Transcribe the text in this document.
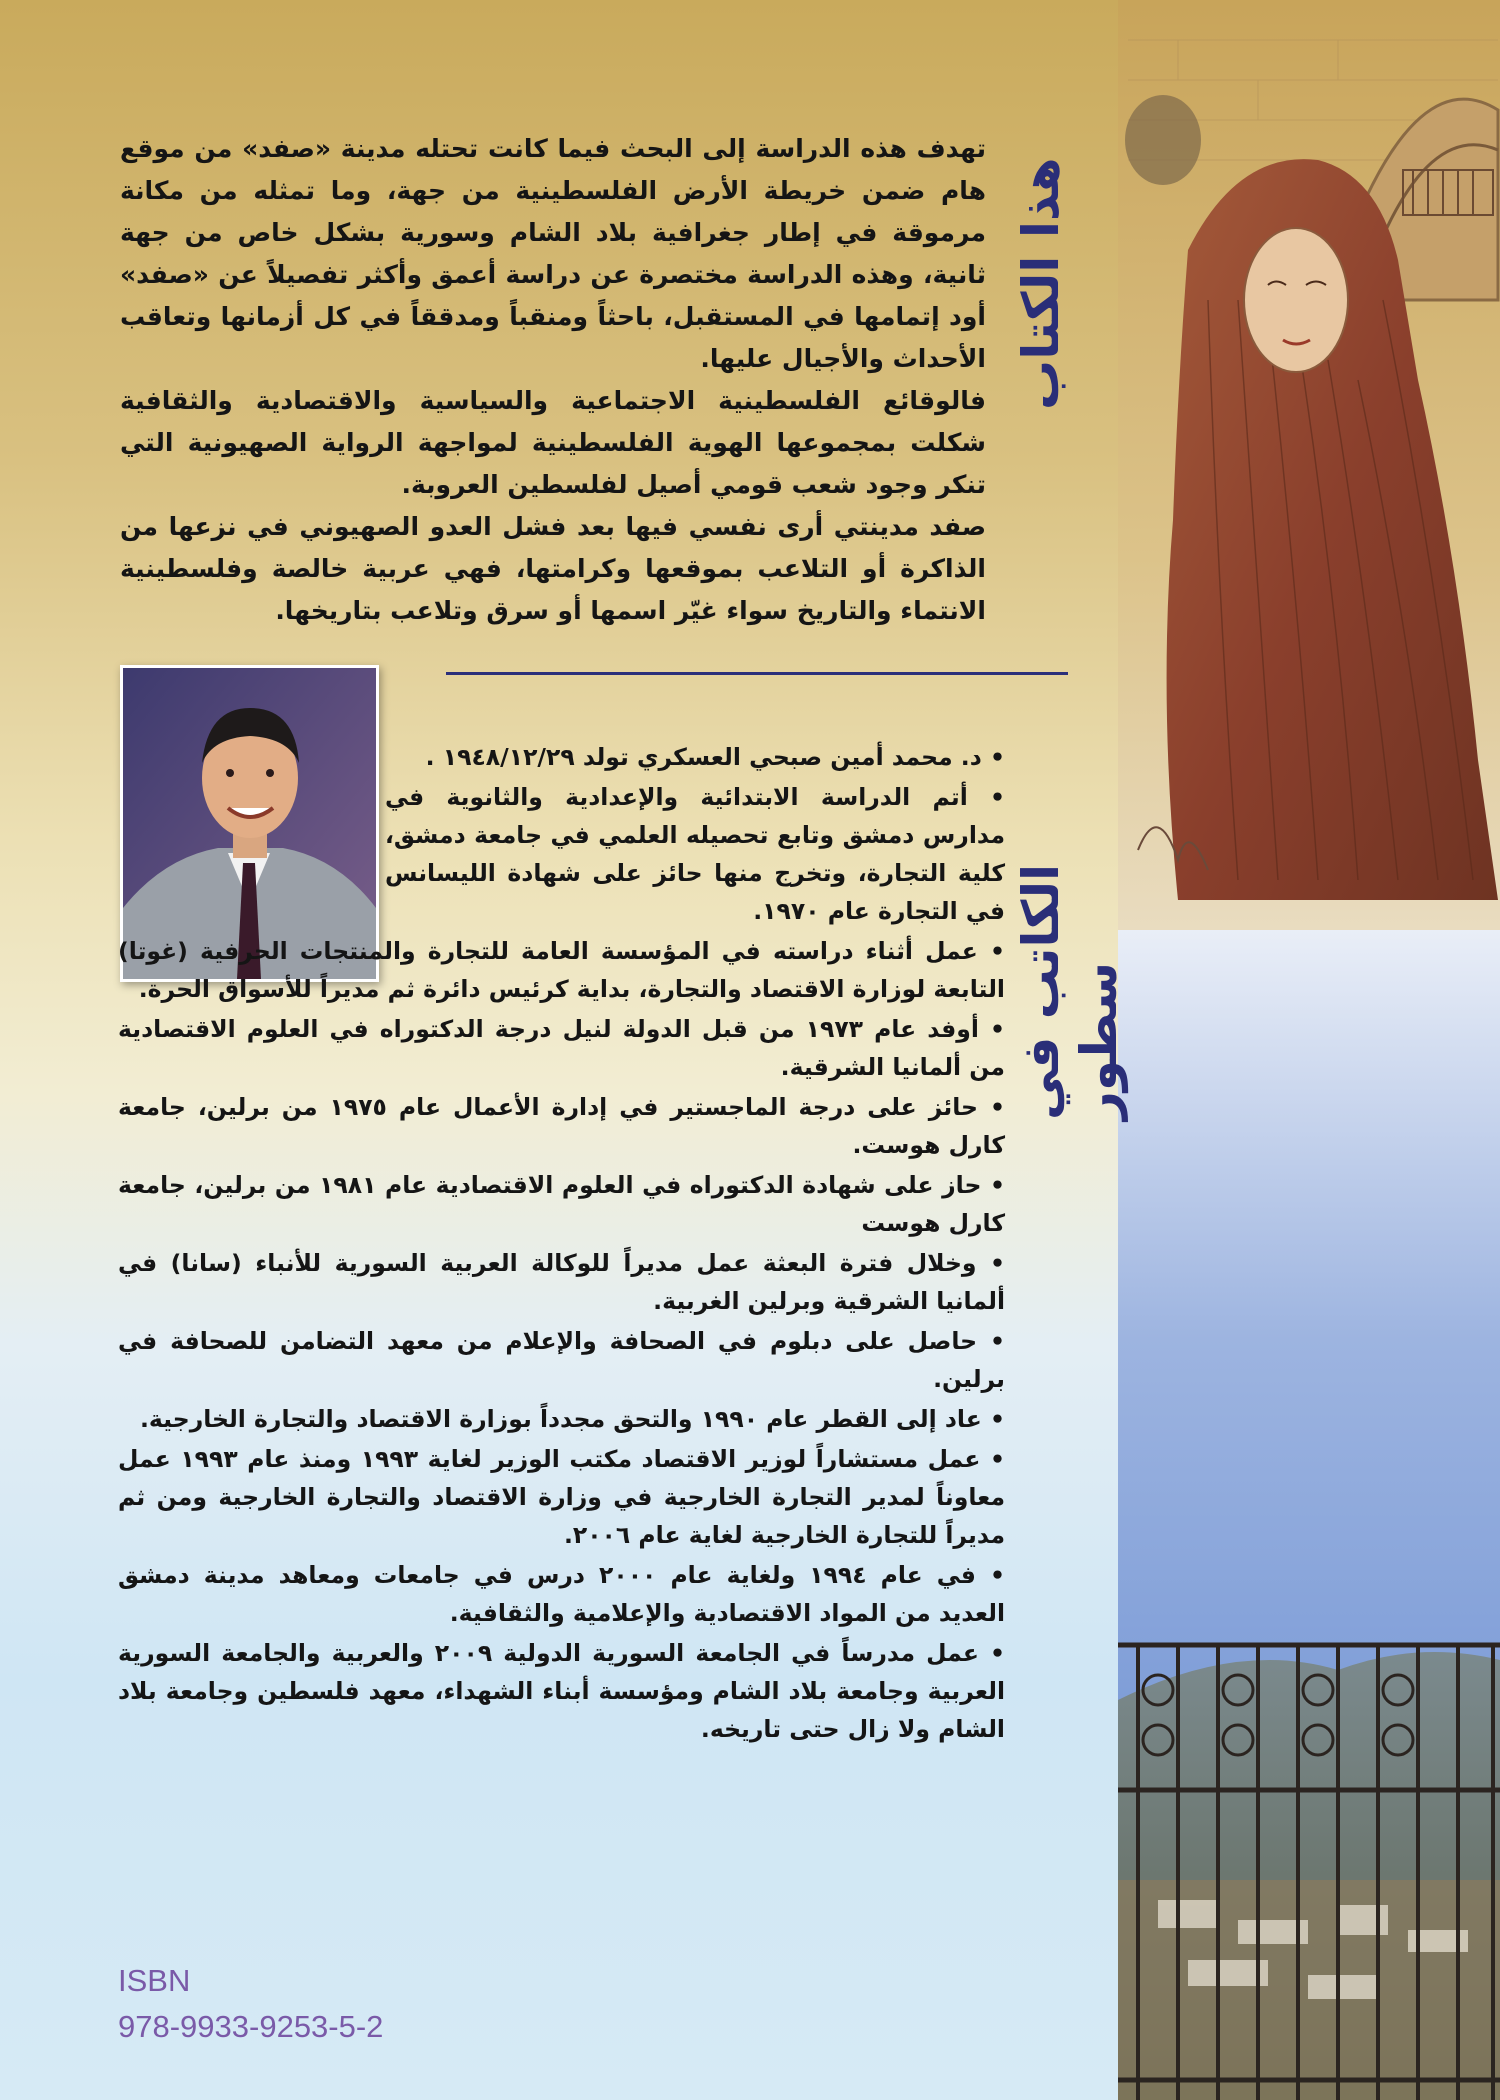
هذا الكتاب
الكاتب في سطور

تهدف هذه الدراسة إلى البحث فيما كانت تحتله مدينة «صفد» من موقع هام ضمن خريطة الأرض الفلسطينية من جهة، وما تمثله من مكانة مرموقة في إطار جغرافية بلاد الشام وسورية بشكل خاص من جهة ثانية، وهذه الدراسة مختصرة عن دراسة أعمق وأكثر تفصيلاً عن «صفد» أود إتمامها في المستقبل، باحثاً ومنقباً ومدققاً في كل أزمانها وتعاقب الأحداث والأجيال عليها.

فالوقائع الفلسطينية الاجتماعية والسياسية والاقتصادية والثقافية شكلت بمجموعها الهوية الفلسطينية لمواجهة الرواية الصهيونية التي تنكر وجود شعب قومي أصيل لفلسطين العروبة.

صفد مدينتي أرى نفسي فيها بعد فشل العدو الصهيوني في نزعها من الذاكرة أو التلاعب بموقعها وكرامتها، فهي عربية خالصة وفلسطينية الانتماء والتاريخ سواء غيّر اسمها أو سرق وتلاعب بتاريخها.

• د. محمد أمين صبحي العسكري تولد ١٩٤٨/١٢/٢٩ .
• أتم الدراسة الابتدائية والإعدادية والثانوية في مدارس دمشق وتابع تحصيله العلمي في جامعة دمشق، كلية التجارة، وتخرج منها حائز على شهادة الليسانس في التجارة عام ١٩٧٠.
• عمل أثناء دراسته في المؤسسة العامة للتجارة والمنتجات الحرفية (غوتا) التابعة لوزارة الاقتصاد والتجارة، بداية كرئيس دائرة ثم مديراً للأسواق الحرة.
• أوفد عام ١٩٧٣ من قبل الدولة لنيل درجة الدكتوراه في العلوم الاقتصادية من ألمانيا الشرقية.
• حائز على درجة الماجستير في إدارة الأعمال عام ١٩٧٥ من برلين، جامعة كارل هوست.
• حاز على شهادة الدكتوراه في العلوم الاقتصادية عام ١٩٨١ من برلين، جامعة كارل هوست
• وخلال فترة البعثة عمل مديراً للوكالة العربية السورية للأنباء (سانا) في ألمانيا الشرقية وبرلين الغربية.
• حاصل على دبلوم في الصحافة والإعلام من معهد التضامن للصحافة في برلين.
• عاد إلى القطر عام ١٩٩٠ والتحق مجدداً بوزارة الاقتصاد والتجارة الخارجية.
• عمل مستشاراً لوزير الاقتصاد مكتب الوزير لغاية ١٩٩٣ ومنذ عام ١٩٩٣ عمل معاوناً لمدير التجارة الخارجية في وزارة الاقتصاد والتجارة الخارجية ومن ثم مديراً للتجارة الخارجية لغاية عام ٢٠٠٦.
• في عام ١٩٩٤ ولغاية عام ٢٠٠٠ درس في جامعات ومعاهد مدينة دمشق العديد من المواد الاقتصادية والإعلامية والثقافية.
• عمل مدرساً في الجامعة السورية الدولية ٢٠٠٩ والعربية والجامعة السورية العربية وجامعة بلاد الشام ومؤسسة أبناء الشهداء، معهد فلسطين وجامعة بلاد الشام ولا زال حتى تاريخه.
ISBN
978-9933-9253-5-2
